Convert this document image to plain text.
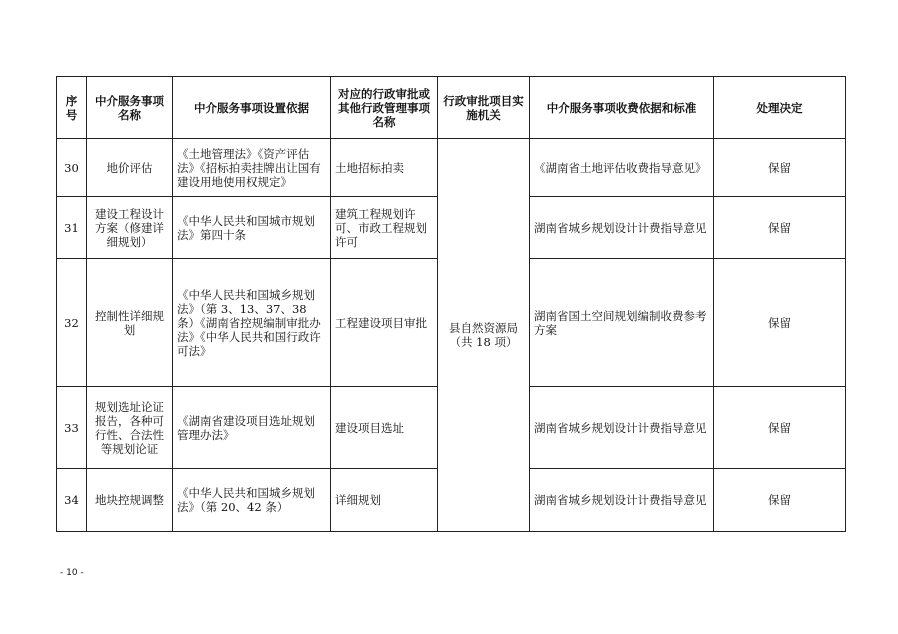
序号	中介服务事项名称	中介服务事项设置依据	对应的行政审批或其他行政管理事项名称	行政审批项目实施机关	中介服务事项收费依据和标准	处理决定
30	地价评估	《土地管理法》《资产评估法》《招标拍卖挂牌出让国有建设用地使用权规定》	土地招标拍卖	县自然资源局（共 18 项）	《湖南省土地评估收费指导意见》	保留
31	建设工程设计方案（修建详细规划）	《中华人民共和国城市规划法》第四十条	建筑工程规划许可、市政工程规划许可		湖南省城乡规划设计计费指导意见	保留
32	控制性详细规划	《中华人民共和国城乡规划法》（第 3、13、37、38 条）《湖南省控规编制审批办法》《中华人民共和国行政许可法》	工程建设项目审批		湖南省国土空间规划编制收费参考方案	保留
33	规划选址论证报告，各种可行性、合法性等规划论证	《湖南省建设项目选址规划管理办法》	建设项目选址		湖南省城乡规划设计计费指导意见	保留
34	地块控规调整	《中华人民共和国城乡规划法》（第 20、42 条）	详细规划		湖南省城乡规划设计计费指导意见	保留
- 10 -
